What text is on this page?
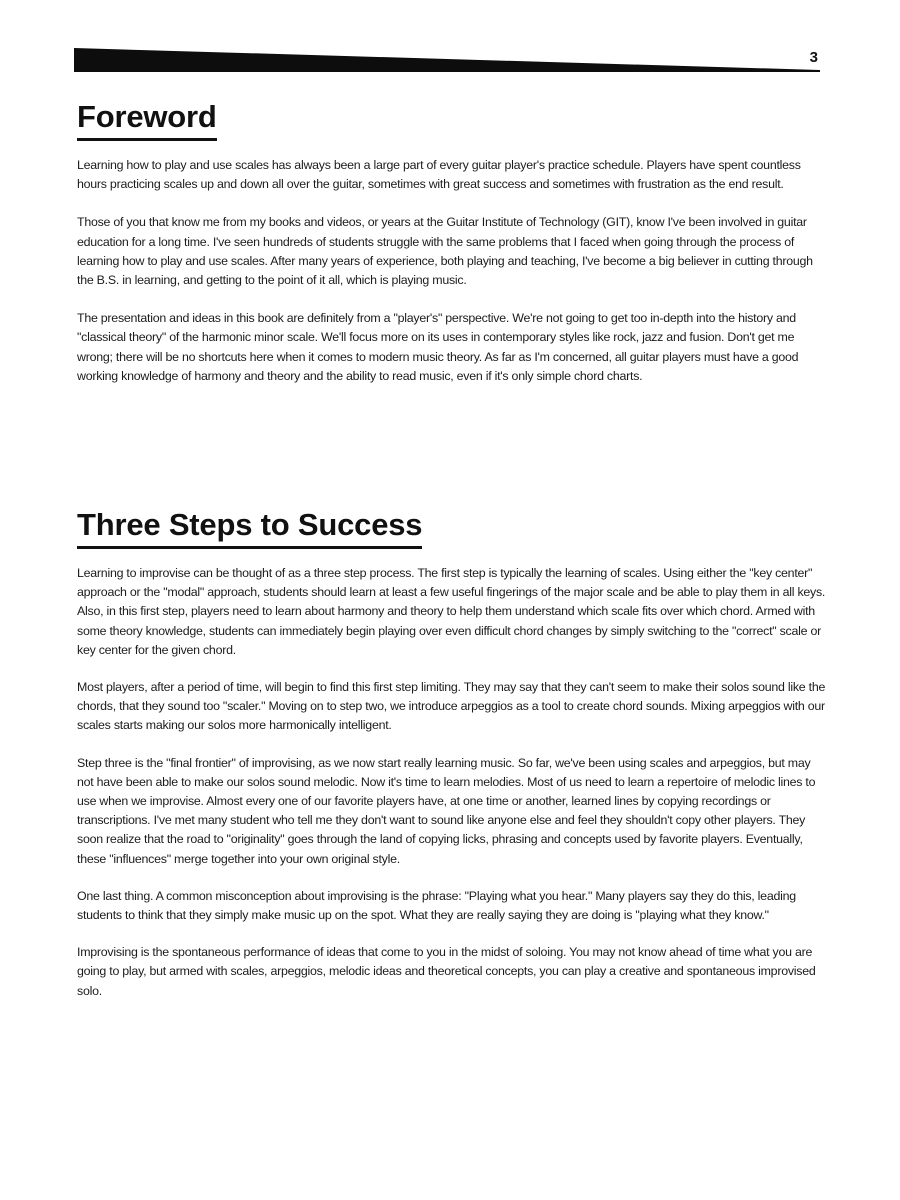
3
Foreword

Learning how to play and use scales has always been a large part of every guitar player's practice schedule. Players have spent countless hours practicing scales up and down all over the guitar, sometimes with great success and sometimes with frustration as the end result.

Those of you that know me from my books and videos, or years at the Guitar Institute of Technology (GIT), know I've been involved in guitar education for a long time. I've seen hundreds of students struggle with the same problems that I faced when going through the process of learning how to play and use scales. After many years of experience, both playing and teaching, I've become a big believer in cutting through the B.S. in learning, and getting to the point of it all, which is playing music.

The presentation and ideas in this book are definitely from a "player's" perspective. We're not going to get too in-depth into the history and "classical theory" of the harmonic minor scale. We'll focus more on its uses in contemporary styles like rock, jazz and fusion. Don't get me wrong; there will be no shortcuts here when it comes to modern music theory. As far as I'm concerned, all guitar players must have a good working knowledge of harmony and theory and the ability to read music, even if it's only simple chord charts.

Three Steps to Success

Learning to improvise can be thought of as a three step process. The first step is typically the learning of scales. Using either the "key center" approach or the "modal" approach, students should learn at least a few useful fingerings of the major scale and be able to play them in all keys. Also, in this first step, players need to learn about harmony and theory to help them understand which scale fits over which chord. Armed with some theory knowledge, students can immediately begin playing over even difficult chord changes by simply switching to the "correct" scale or key center for the given chord.

Most players, after a period of time, will begin to find this first step limiting. They may say that they can't seem to make their solos sound like the chords, that they sound too "scaler." Moving on to step two, we introduce arpeggios as a tool to create chord sounds. Mixing arpeggios with our scales starts making our solos more harmonically intelligent.

Step three is the "final frontier" of improvising, as we now start really learning music. So far, we've been using scales and arpeggios, but may not have been able to make our solos sound melodic. Now it's time to learn melodies. Most of us need to learn a repertoire of melodic lines to use when we improvise. Almost every one of our favorite players have, at one time or another, learned lines by copying recordings or transcriptions. I've met many student who tell me they don't want to sound like anyone else and feel they shouldn't copy other players. They soon realize that the road to "originality" goes through the land of copying licks, phrasing and concepts used by favorite players. Eventually, these "influences" merge together into your own original style.

One last thing. A common misconception about improvising is the phrase: "Playing what you hear." Many players say they do this, leading students to think that they simply make music up on the spot. What they are really saying they are doing is "playing what they know."

Improvising is the spontaneous performance of ideas that come to you in the midst of soloing. You may not know ahead of time what you are going to play, but armed with scales, arpeggios, melodic ideas and theoretical concepts, you can play a creative and spontaneous improvised solo.
